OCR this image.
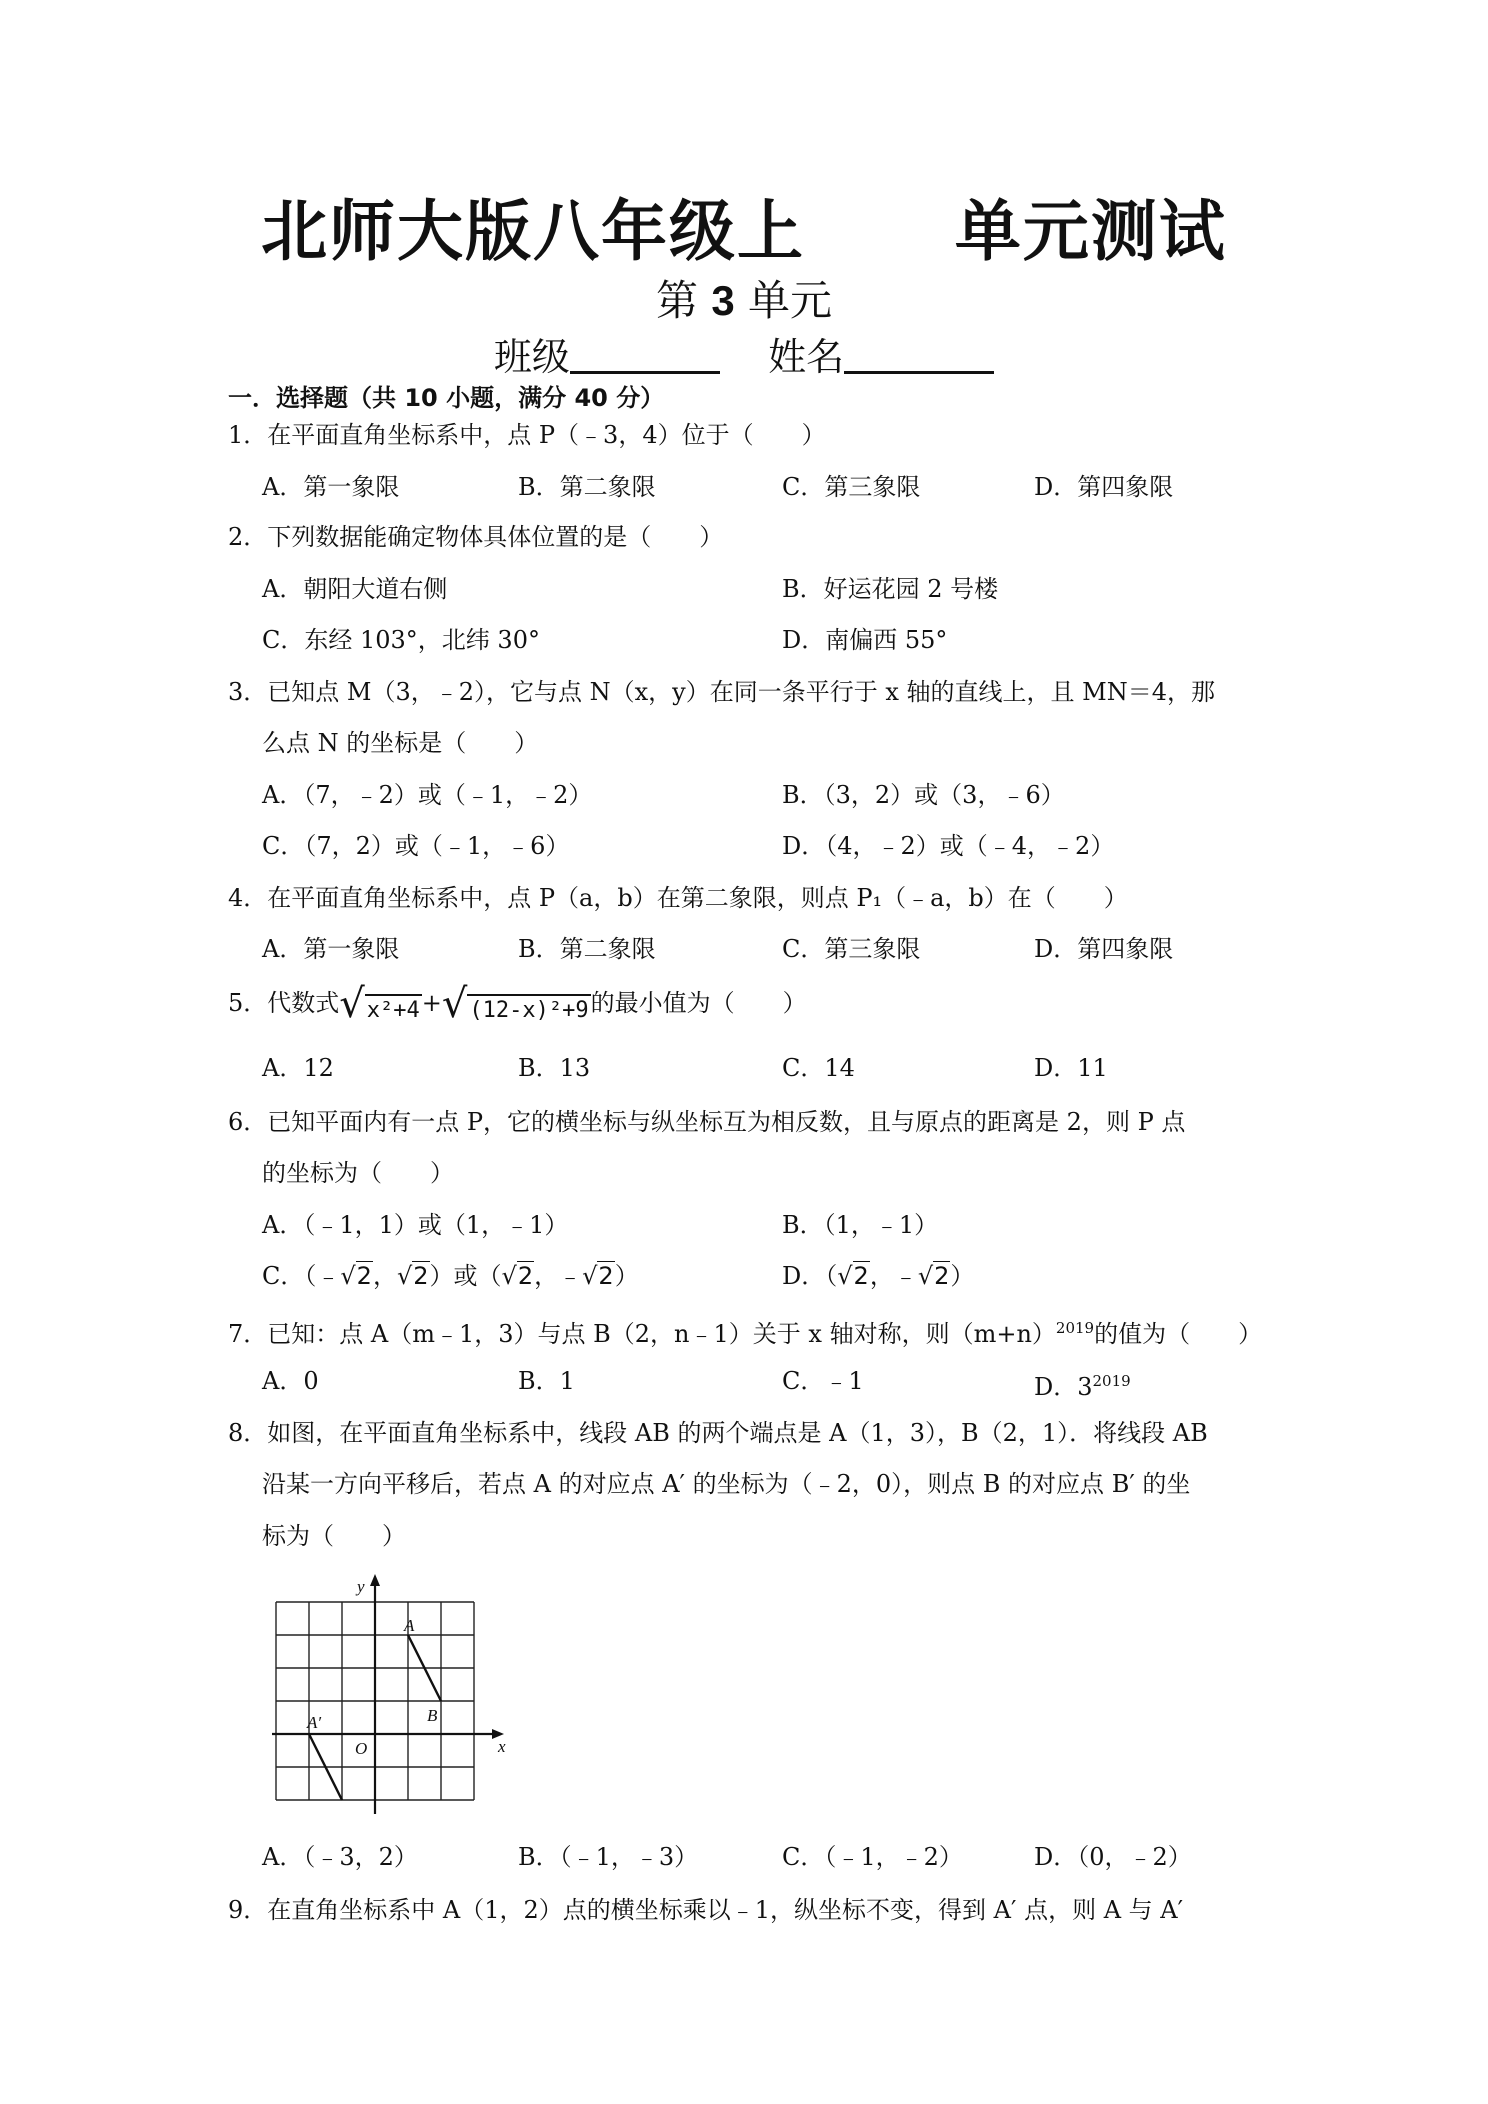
北师大版八年级上      单元测试
第 3 单元
班级	姓名
一．选择题（共 10 小题，满分 40 分）
1．在平面直角坐标系中，点 P（﹣3，4）位于（　　）
A．第一象限	B．第二象限	C．第三象限	D．第四象限
2．下列数据能确定物体具体位置的是（　　）
A．朝阳大道右侧	B．好运花园 2 号楼
C．东经 103°，北纬 30°	D．南偏西 55°
3．已知点 M（3，﹣2），它与点 N（x，y）在同一条平行于 x 轴的直线上，且 MN＝4，那
么点 N 的坐标是（　　）
A．（7，﹣2）或（﹣1，﹣2）	B．（3，2）或（3，﹣6）
C．（7，2）或（﹣1，﹣6）	D．（4，﹣2）或（﹣4，﹣2）
4．在平面直角坐标系中，点 P（a，b）在第二象限，则点 P₁（﹣a，b）在（　　）
A．第一象限	B．第二象限	C．第三象限	D．第四象限
5．代数式√x²+4+√(12-x)²+9的最小值为（　　）
A．12	B．13	C．14	D．11
6．已知平面内有一点 P，它的横坐标与纵坐标互为相反数，且与原点的距离是 2，则 P 点
的坐标为（　　）
A．（﹣1，1）或（1，﹣1）	B．（1，﹣1）
C．（﹣√2，√2）或（√2，﹣√2）	D．（√2，﹣√2）
7．已知：点 A（m﹣1，3）与点 B（2，n﹣1）关于 x 轴对称，则$(m+n)^{2019}$的值为（　　）
A．0	B．1	C．﹣1	D．$3^{2019}$
8．如图，在平面直角坐标系中，线段 AB 的两个端点是 A（1，3），B（2，1）．将线段 AB
沿某一方向平移后，若点 A 的对应点 A′ 的坐标为（﹣2，0），则点 B 的对应点 B′ 的坐
标为（　　）
y
x
O
A
B
A′
A．（﹣3，2）	B．（﹣1，﹣3）	C．（﹣1，﹣2）	D．（0，﹣2）
9．在直角坐标系中 A（1，2）点的横坐标乘以﹣1，纵坐标不变，得到 A′ 点，则 A 与 A′
